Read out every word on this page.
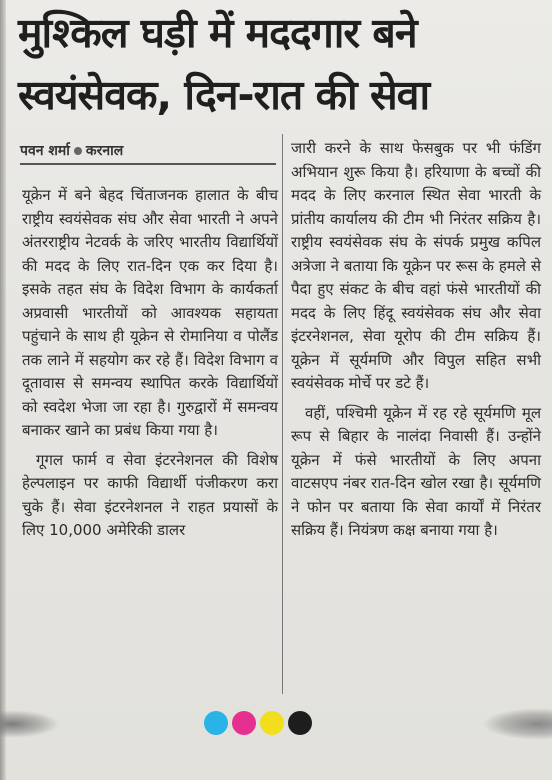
मुश्किल घड़ी में मददगार बने
स्वयंसेवक, दिन-रात की सेवा
पवन शर्मा करनाल

यूक्रेन में बने बेहद चिंताजनक हालात के बीच राष्ट्रीय स्वयंसेवक संघ और सेवा भारती ने अपने अंतरराष्ट्रीय नेटवर्क के जरिए भारतीय विद्यार्थियों की मदद के लिए रात-दिन एक कर दिया है। इसके तहत संघ के विदेश विभाग के कार्यकर्ता अप्रवासी भारतीयों को आवश्यक सहायता पहुंचाने के साथ ही यूक्रेन से रोमानिया व पोलैंड तक लाने में सहयोग कर रहे हैं। विदेश विभाग व दूतावास से समन्वय स्थापित करके विद्यार्थियों को स्वदेश भेजा जा रहा है। गुरुद्वारों में समन्वय बनाकर खाने का प्रबंध किया गया है।

गूगल फार्म व सेवा इंटरनेशनल की विशेष हेल्पलाइन पर काफी विद्यार्थी पंजीकरण करा चुके हैं। सेवा इंटरनेशनल ने राहत प्रयासों के लिए 10,000 अमेरिकी डालर

जारी करने के साथ फेसबुक पर भी फंडिंग अभियान शुरू किया है। हरियाणा के बच्चों की मदद के लिए करनाल स्थित सेवा भारती के प्रांतीय कार्यालय की टीम भी निरंतर सक्रिय है। राष्ट्रीय स्वयंसेवक संघ के संपर्क प्रमुख कपिल अत्रेजा ने बताया कि यूक्रेन पर रूस के हमले से पैदा हुए संकट के बीच वहां फंसे भारतीयों की मदद के लिए हिंदू स्वयंसेवक संघ और सेवा इंटरनेशनल, सेवा यूरोप की टीम सक्रिय हैं। यूक्रेन में सूर्यमणि और विपुल सहित सभी स्वयंसेवक मोर्चे पर डटे हैं।

वहीं, पश्चिमी यूक्रेन में रह रहे सूर्यमणि मूल रूप से बिहार के नालंदा निवासी हैं। उन्होंने यूक्रेन में फंसे भारतीयों के लिए अपना वाटसएप नंबर रात-दिन खोल रखा है। सूर्यमणि ने फोन पर बताया कि सेवा कार्यों में निरंतर सक्रिय हैं। नियंत्रण कक्ष बनाया गया है।
